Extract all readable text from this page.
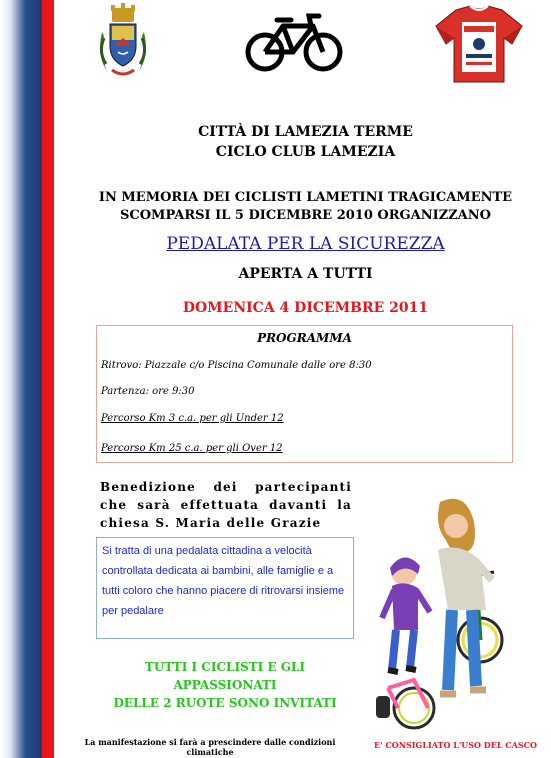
CITTÀ DI LAMEZIA TERME
CICLO CLUB LAMEZIA
IN MEMORIA DEI CICLISTI LAMETINI TRAGICAMENTE
SCOMPARSI IL 5 DICEMBRE 2010 ORGANIZZANO
PEDALATA PER LA SICUREZZA
APERTA A TUTTI
DOMENICA 4 DICEMBRE 2011
PROGRAMMA
Ritrovo: Piazzale c/o Piscina Comunale dalle ore 8:30
Partenza: ore 9:30
Percorso Km 3 c.a. per gli Under 12
Percorso Km 25 c.a. per gli Over 12
Benedizione dei partecipanti che sarà effettuata davanti la chiesa S. Maria delle Grazie
Si tratta di una pedalata cittadina a velocità controllata dedicata ai bambini, alle famiglie e a tutti coloro che hanno piacere di ritrovarsi insieme per pedalare
TUTTI I CICLISTI E GLI APPASSIONATI
DELLE 2 RUOTE SONO INVITATI
La manifestazione si farà a prescindere dalle condizioni climatiche
E' CONSIGLIATO L'USO DEL CASCO
